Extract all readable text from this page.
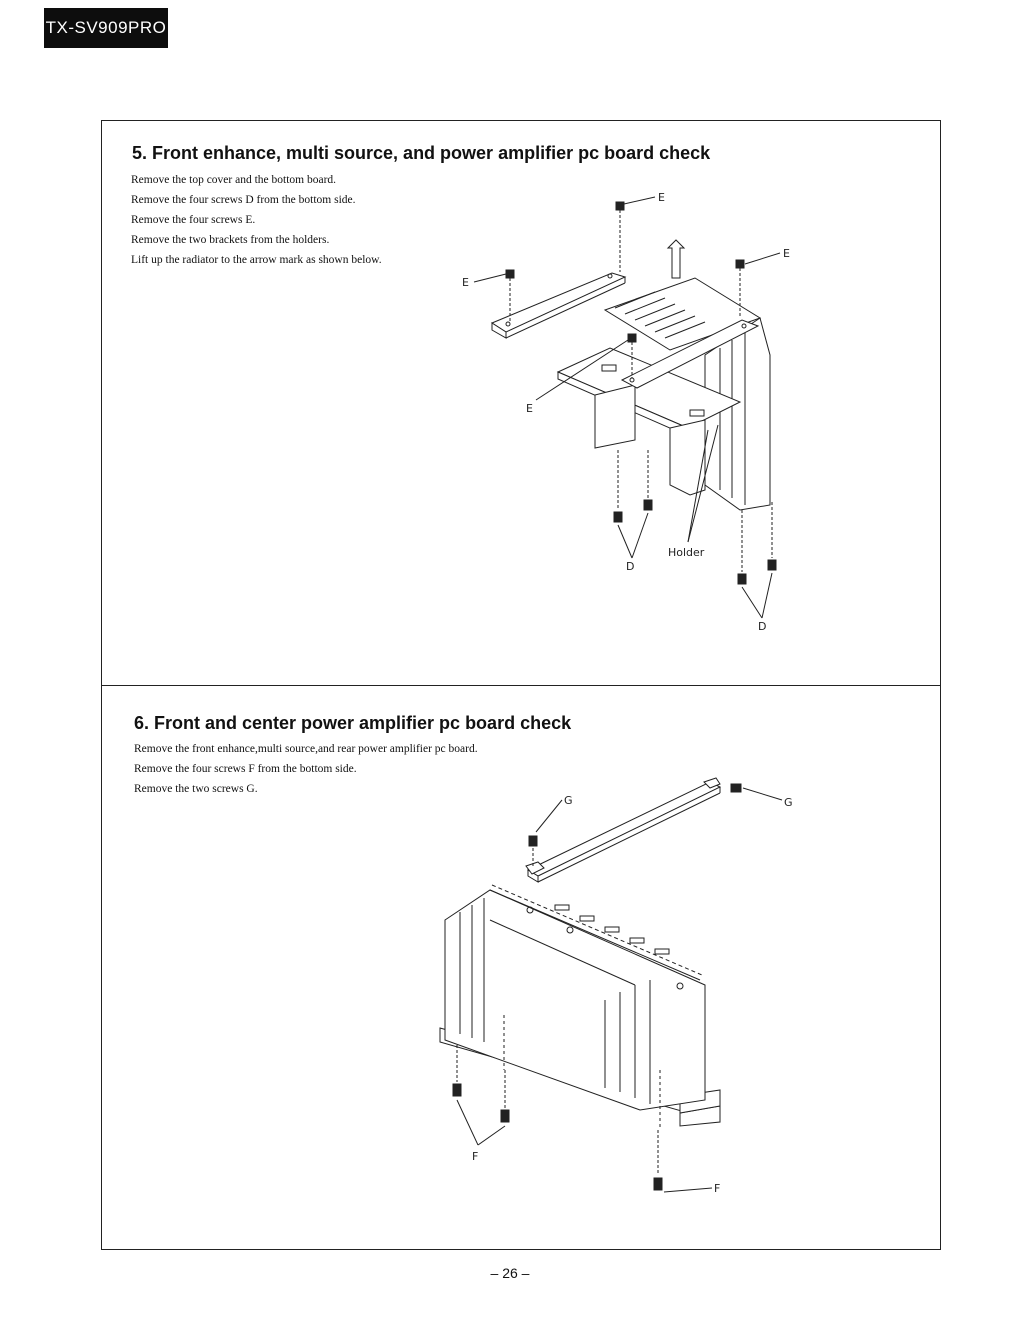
TX-SV909PRO
5. Front enhance, multi source, and power amplifier pc board check
Remove the top cover and the bottom board.
Remove the four screws D from the bottom side.
Remove the four screws E.
Remove the two brackets from the holders.
Lift up the radiator to the arrow mark as shown below.
E
E
E
E
D
D
Holder
6. Front and center power amplifier pc board check
Remove the front enhance,multi source,and rear power amplifier pc board.
Remove the four screws F from the bottom side.
Remove the two screws G.
G	G
F
F
– 26 –
